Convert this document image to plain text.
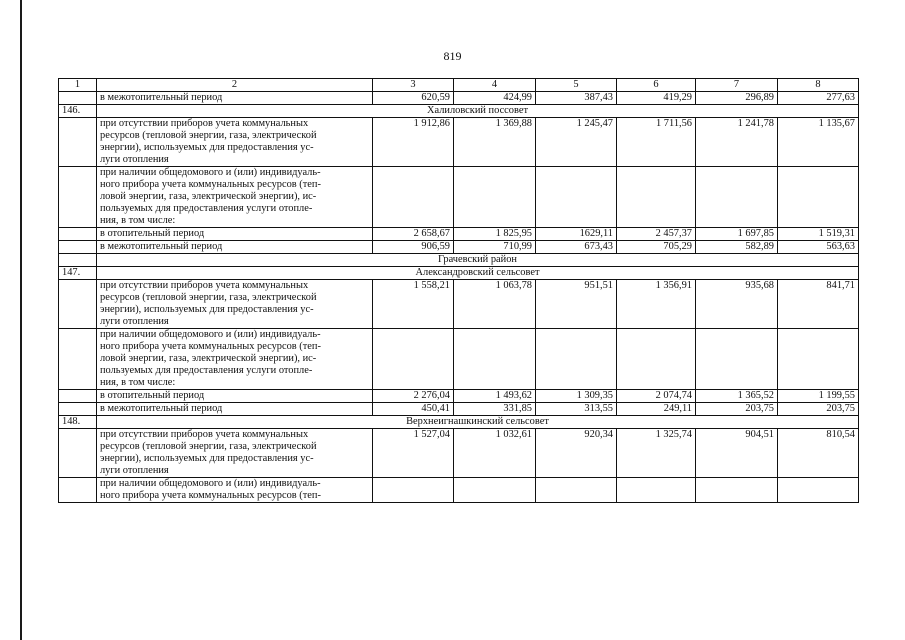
819
1	2	3	4	5	6	7	8

	в межотопительный период	620,59	424,99	387,43	419,29	296,89	277,63
146.	Халиловский поссовет						

	при отсутствии приборов учета коммунальных
ресурсов (тепловой энергии, газа, электрической
энергии), используемых для предоставления ус-
луги отопления	1 912,86	1 369,88	1 245,47	1 711,56	1 241,78	1 135,67

	при наличии общедомового и (или) индивидуаль-
ного прибора учета коммунальных ресурсов (теп-
ловой энергии, газа, электрической энергии), ис-
пользуемых для предоставления услуги отопле-
ния, в том числе:						

	в отопительный период	2 658,67	1 825,95	1629,11	2 457,37	1 697,85	1 519,31

	в межотопительный период	906,59	710,99	673,43	705,29	582,89	563,63
	Грачевский район						
147.	Александровский сельсовет						

	при отсутствии приборов учета коммунальных
ресурсов (тепловой энергии, газа, электрической
энергии), используемых для предоставления ус-
луги отопления	1 558,21	1 063,78	951,51	1 356,91	935,68	841,71

	при наличии общедомового и (или) индивидуаль-
ного прибора учета коммунальных ресурсов (теп-
ловой энергии, газа, электрической энергии), ис-
пользуемых для предоставления услуги отопле-
ния, в том числе:						

	в отопительный период	2 276,04	1 493,62	1 309,35	2 074,74	1 365,52	1 199,55

	в межотопительный период	450,41	331,85	313,55	249,11	203,75	203,75
148.	Верхнеигнашкинский сельсовет						

	при отсутствии приборов учета коммунальных
ресурсов (тепловой энергии, газа, электрической
энергии), используемых для предоставления ус-
луги отопления	1 527,04	1 032,61	920,34	1 325,74	904,51	810,54

	при наличии общедомового и (или) индивидуаль-
ного прибора учета коммунальных ресурсов (теп-						
